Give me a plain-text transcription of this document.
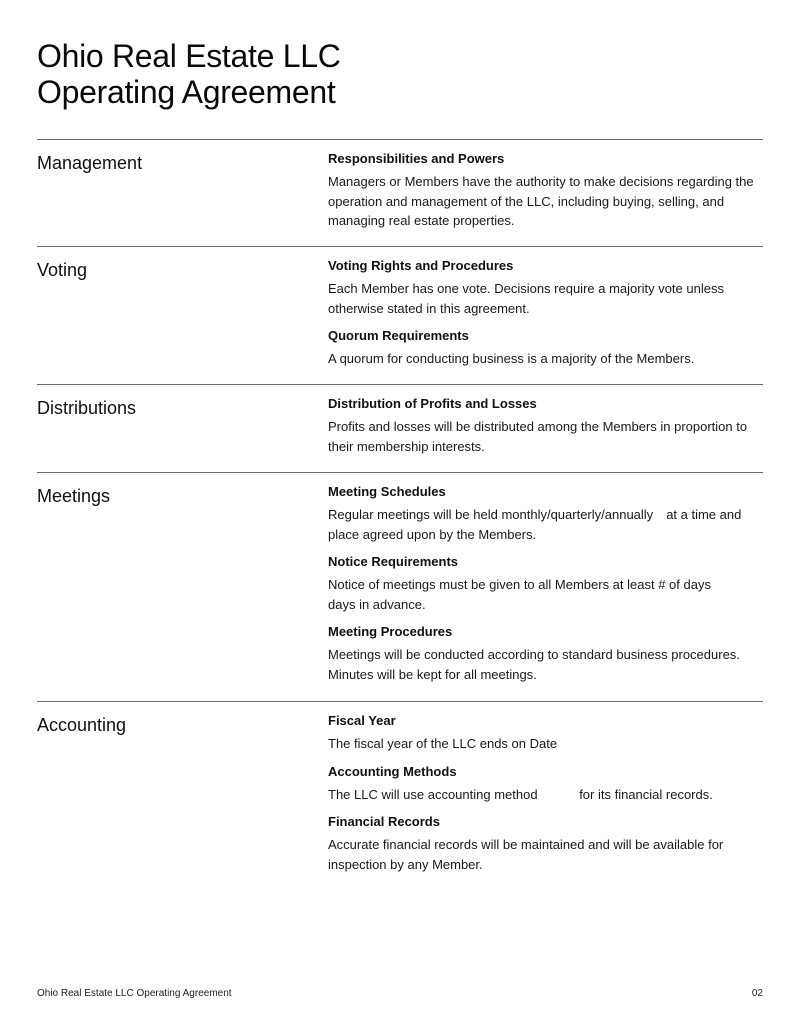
Ohio Real Estate LLC
Operating Agreement
Management	Responsibilities and Powers
Managers or Members have the authority to make decisions regarding the operation and management of the LLC, including buying, selling, and managing real estate properties.
Voting	Voting Rights and Procedures
Each Member has one vote. Decisions require a majority vote unless otherwise stated in this agreement.
Quorum Requirements
A quorum for conducting business is a majority of the Members.
Distributions	Distribution of Profits and Losses
Profits and losses will be distributed among the Members in proportion to their membership interests.
Meetings	Meeting Schedules
Regular meetings will be held monthly/quarterly/annually at a time and place agreed upon by the Members.
Notice Requirements
Notice of meetings must be given to all Members at least # of days
days in advance.
Meeting Procedures
Meetings will be conducted according to standard business procedures. Minutes will be kept for all meetings.
Accounting	Fiscal Year
The fiscal year of the LLC ends on Date
Accounting Methods
The LLC will use accounting method	for its financial records.
Financial Records
Accurate financial records will be maintained and will be available for inspection by any Member.
Ohio Real Estate LLC Operating Agreement	02
